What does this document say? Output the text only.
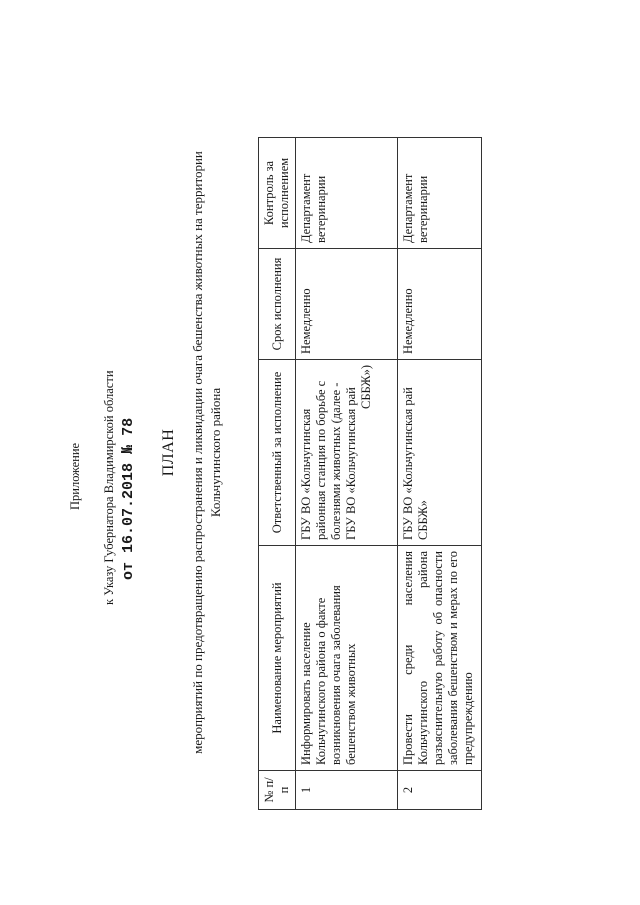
Приложение к Указу Губернатора Владимирской области от 16.07.2018 № 78
ПЛАН мероприятий по предотвращению распространения и ликвидации очага бешенства животных на территории Кольчугинского района
№ п/п	Наименование мероприятий	Ответственный за исполнение	Срок исполнения	Контроль за исполнением
1	Информировать население Кольчугинского района о факте возникновения очага заболевания бешенством животных	ГБУ ВО «Кольчугинская районная станция по борьбе с болезнями животных (далее - ГБУ ВО «Кольчугинская рай
СББЖ»)	Немедленно	Департамент ветеринарии
2	Провести среди населения Кольчугинского района разъяснительную работу об опасности заболевания бешенством и мерах по его предупреждению	ГБУ ВО «Кольчугинская рай СББЖ»	Немедленно	Департамент ветеринарии
